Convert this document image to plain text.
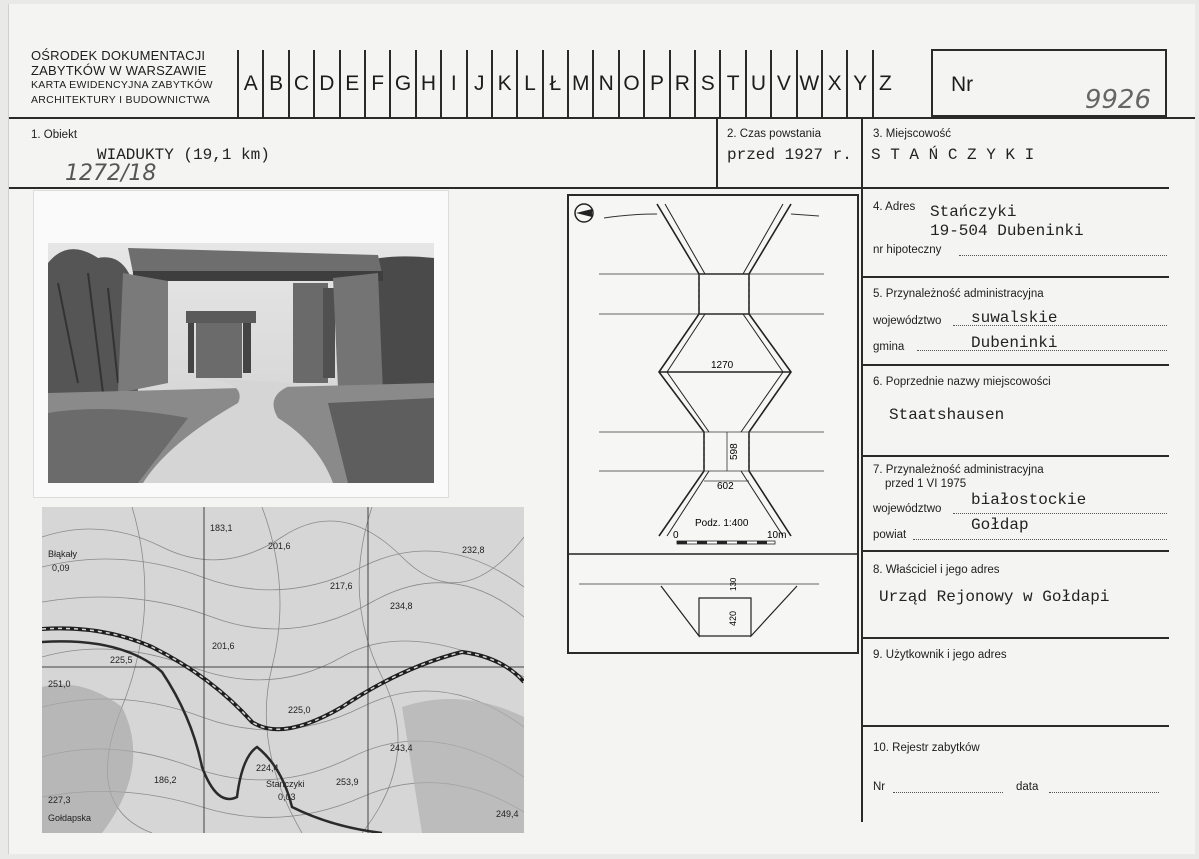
OŚRODEK DOKUMENTACJI
ZABYTKÓW W WARSZAWIE
KARTA EWIDENCYJNA ZABYTKÓW
ARCHITEKTURY I BUDOWNICTWA
A B C D E F G H I J K L Ł M N O P R S T U V W X Y Z	Nr
9926
1. Obiekt
WIADUKTY (19,1 km)
1272/18
2. Czas powstania
przed 1927 r.
3. Miejscowość
S T A Ń C Z Y K I
4. Adres Stańczyki
19-504 Dubeninki
nr hipoteczny
5. Przynależność administracyjna
województwo suwalskie
gmina	Dubeninki
6. Poprzednie nazwy miejscowości
Staatshausen
7. Przynależność administracyjna
przed 1 VI 1975
województwo białostockie
powiat
Gołdap
8. Właściciel i jego adres
Urząd Rejonowy w Gołdapi
9. Użytkownik i jego adres
10. Rejestr zabytków
Nr	data
Błąkały
0,09
183,1
201,6
Stańczyki
0,03
232,8
217,6
234,8
225,5
251,0
201,6
225,0
243,4
224,4
186,2	253,9
227,3
Gołdapska	249,4
1270
598
602
Podz. 1:400
0	10m
420
130
